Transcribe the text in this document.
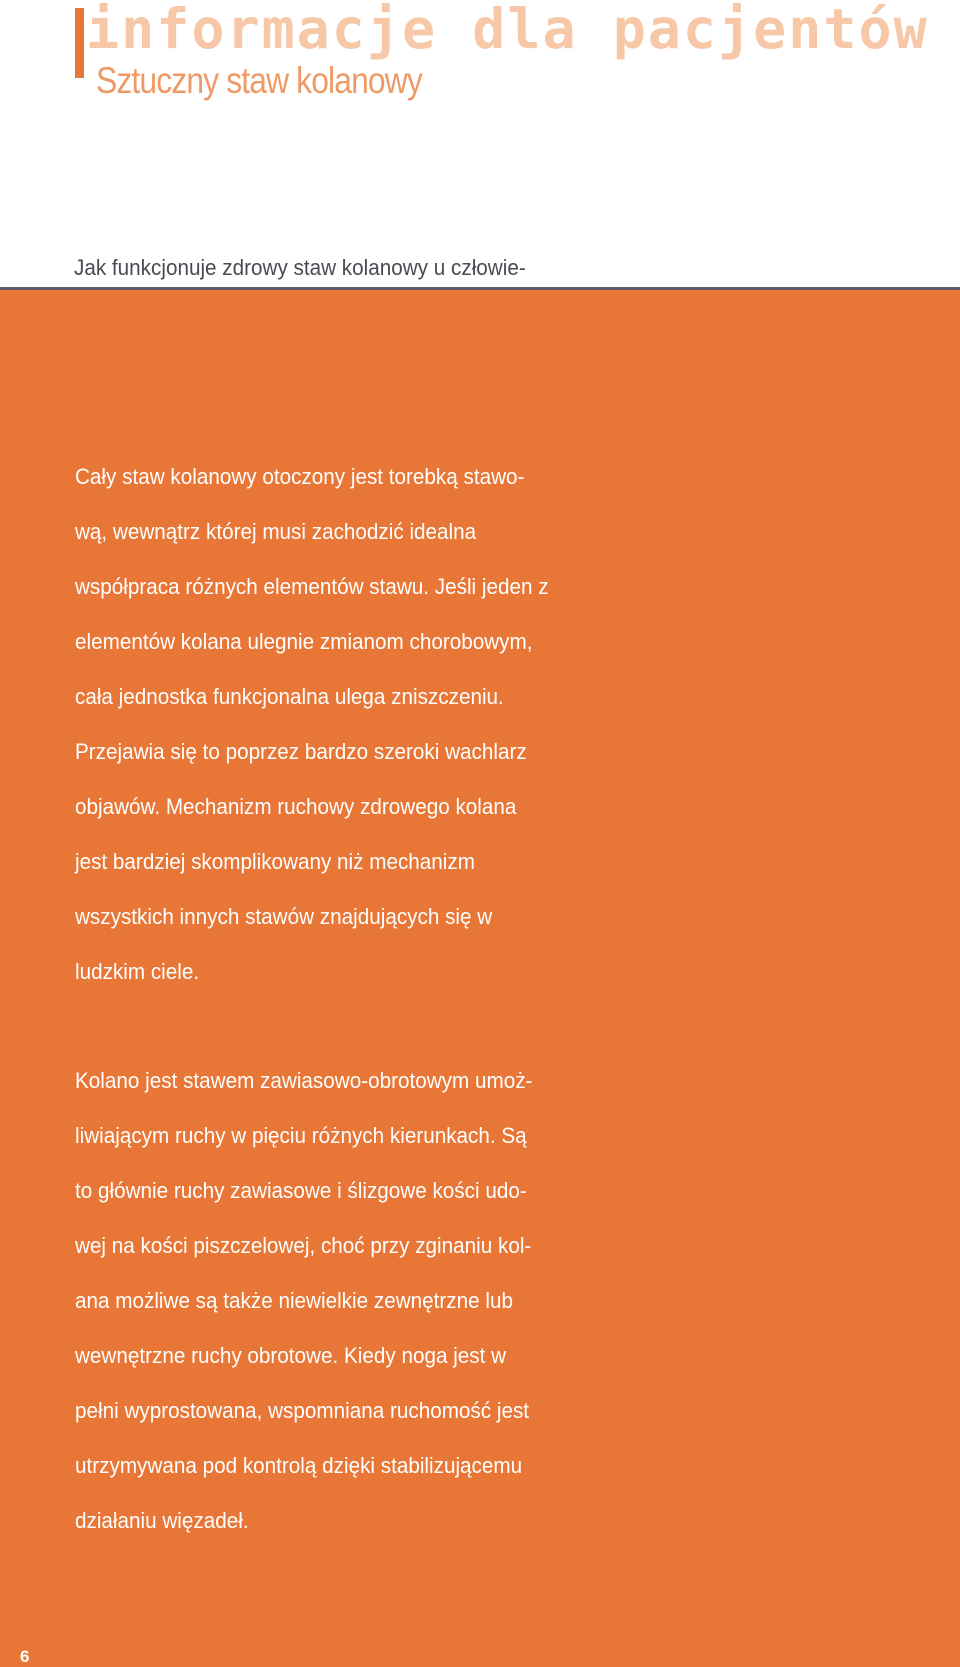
informacje dla pacjentów
Sztuczny staw kolanowy
Jak funkcjonuje zdrowy staw kolanowy u człowie-
Cały staw kolanowy otoczony jest torebką stawo-
wą, wewnątrz której musi zachodzić idealna
współpraca różnych elementów stawu. Jeśli jeden z
elementów kolana ulegnie zmianom chorobowym,
cała jednostka funkcjonalna ulega zniszczeniu.
Przejawia się to poprzez bardzo szeroki wachlarz
objawów. Mechanizm ruchowy zdrowego kolana
jest bardziej skomplikowany niż mechanizm
wszystkich innych stawów znajdujących się w
ludzkim ciele.
Kolano jest stawem zawiasowo-obrotowym umoż-
liwiającym ruchy w pięciu różnych kierunkach. Są
to głównie ruchy zawiasowe i ślizgowe kości udo-
wej na kości piszczelowej, choć przy zginaniu kol-
ana możliwe są także niewielkie zewnętrzne lub
wewnętrzne ruchy obrotowe. Kiedy noga jest w
pełni wyprostowana, wspomniana ruchomość jest
utrzymywana pod kontrolą dzięki stabilizującemu
działaniu więzadeł.
6
